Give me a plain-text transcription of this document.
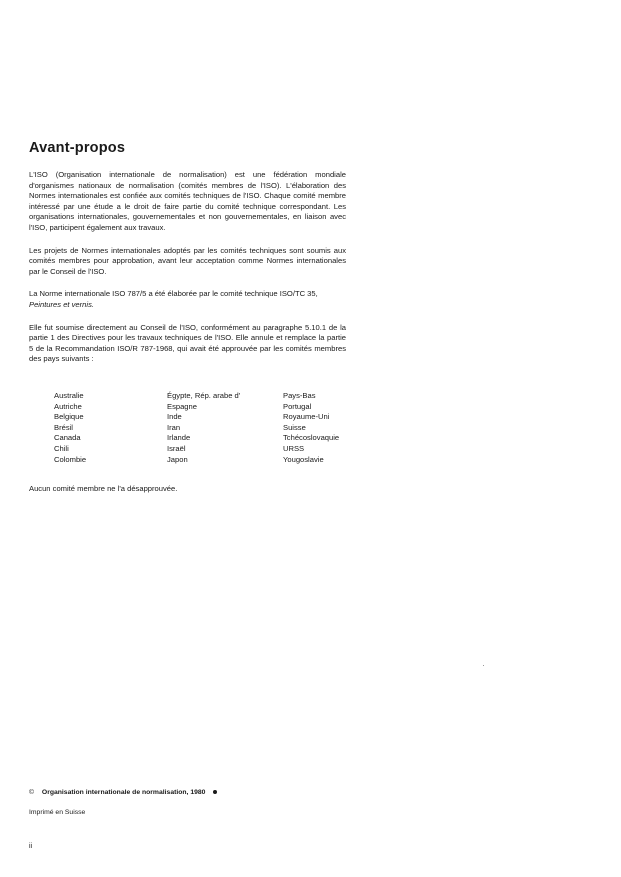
Avant-propos

L'ISO (Organisation internationale de normalisation) est une fédération mondiale d'organismes nationaux de normalisation (comités membres de l'ISO). L'élaboration des Normes internationales est confiée aux comités techniques de l'ISO. Chaque comité membre intéressé par une étude a le droit de faire partie du comité technique correspondant. Les organisations internationales, gouvernementales et non gouvernementales, en liaison avec l'ISO, participent également aux travaux.

Les projets de Normes internationales adoptés par les comités techniques sont soumis aux comités membres pour approbation, avant leur acceptation comme Normes internationales par le Conseil de l'ISO.

La Norme internationale ISO 787/5 a été élaborée par le comité technique ISO/TC 35,
Peintures et vernis.

Elle fut soumise directement au Conseil de l'ISO, conformément au paragraphe 5.10.1 de la partie 1 des Directives pour les travaux techniques de l'ISO. Elle annule et remplace la partie 5 de la Recommandation ISO/R 787-1968, qui avait été approuvée par les comités membres des pays suivants :

Australie
Autriche
Belgique
Brésil
Canada
Chili
Colombie
Égypte, Rép. arabe d'
Espagne
Inde
Iran
Irlande
Israël
Japon
Pays-Bas
Portugal
Royaume-Uni
Suisse
Tchécoslovaquie
URSS
Yougoslavie

Aucun comité membre ne l'a désapprouvée.

© Organisation internationale de normalisation, 1980
Imprimé en Suisse
ii
